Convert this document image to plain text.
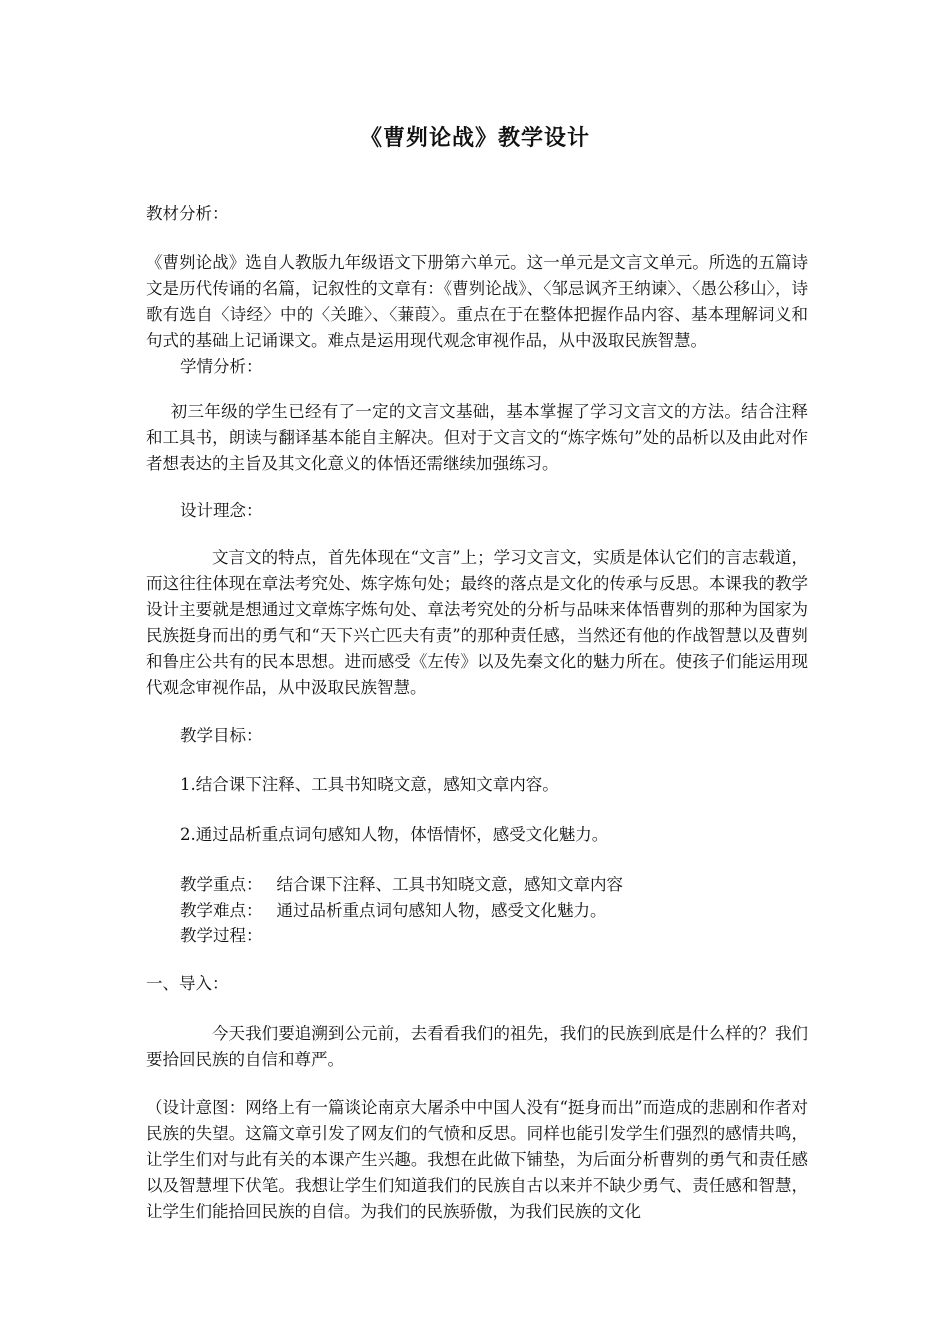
《曹刿论战》教学设计
教材分析：
《曹刿论战》选自人教版九年级语文下册第六单元。这一单元是文言文单元。所选的五篇诗文是历代传诵的名篇，记叙性的文章有：《曹刿论战》、〈邹忌讽齐王纳谏〉、〈愚公移山〉，诗歌有选自〈诗经〉中的〈关雎〉、〈蒹葭〉。重点在于在整体把握作品内容、基本理解词义和句式的基础上记诵课文。难点是运用现代观念审视作品，从中汲取民族智慧。
学情分析：
初三年级的学生已经有了一定的文言文基础，基本掌握了学习文言文的方法。结合注释和工具书，朗读与翻译基本能自主解决。但对于文言文的“炼字炼句”处的品析以及由此对作者想表达的主旨及其文化意义的体悟还需继续加强练习。
设计理念：
文言文的特点，首先体现在“文言”上；学习文言文，实质是体认它们的言志载道，而这往往体现在章法考究处、炼字炼句处；最终的落点是文化的传承与反思。本课我的教学设计主要就是想通过文章炼字炼句处、章法考究处的分析与品味来体悟曹刿的那种为国家为民族挺身而出的勇气和“天下兴亡匹夫有责”的那种责任感，当然还有他的作战智慧以及曹刿和鲁庄公共有的民本思想。进而感受《左传》以及先秦文化的魅力所在。使孩子们能运用现代观念审视作品，从中汲取民族智慧。
教学目标：
1.结合课下注释、工具书知晓文意，感知文章内容。
2.通过品析重点词句感知人物，体悟情怀，感受文化魅力。
教学重点： 结合课下注释、工具书知晓文意，感知文章内容
教学难点： 通过品析重点词句感知人物，感受文化魅力。
教学过程：
一、导入：
今天我们要追溯到公元前，去看看我们的祖先，我们的民族到底是什么样的？我们要拾回民族的自信和尊严。
（设计意图：网络上有一篇谈论南京大屠杀中中国人没有“挺身而出”而造成的悲剧和作者对民族的失望。这篇文章引发了网友们的气愤和反思。同样也能引发学生们强烈的感情共鸣，让学生们对与此有关的本课产生兴趣。我想在此做下铺垫，为后面分析曹刿的勇气和责任感以及智慧埋下伏笔。我想让学生们知道我们的民族自古以来并不缺少勇气、责任感和智慧，让学生们能拾回民族的自信。为我们的民族骄傲，为我们民族的文化
